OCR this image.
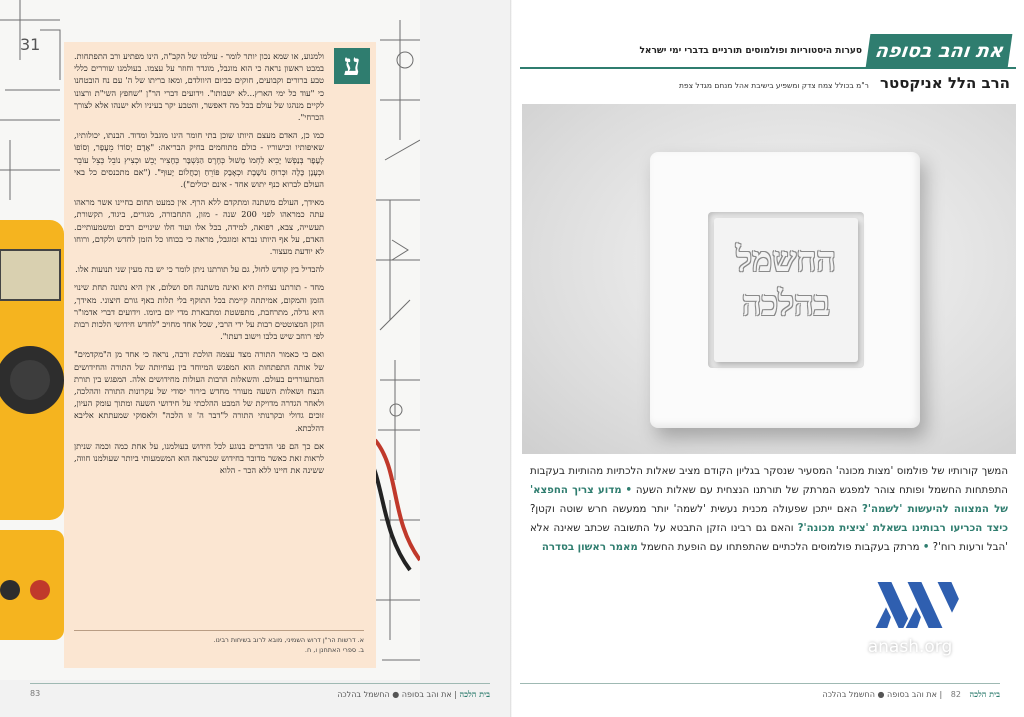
31
ע

ולמנוע, או שמא נכון יותר לומר - עולמו של הקב"ה, הינו מפתיע ורב התפתחות. במבט ראשון נראה כי הוא מוגבל, מוגדר וחוזר על עצמו. בעולמנו שוררים כללי טבע ברורים וקבועים, חוקים כביום היוולדם, ומאז בריתו של ה' עם נח הובטחנו כי "עוד כל ימי הארץ...לא ישבותו". וידועים דברי הר"ן "שחפץ השי"ת ורצונו לקיים מנהגו של עולם בכל מה דאפשר, והטבע יקר בעיניו ולא ישנהו אלא לצורך הכרחי".

כמו כן, האדם מעצם היותו שוכן בתי חומר הינו מוגבל ומדוד. הבנתו, יכולותיו, שאיפותיו וכישוריו - כולם מתוחמים בחיק הבריאה: "אָדָם יְסוֹדוֹ מֵעָפָר, וְסוֹפוֹ לֶעָפָר בְּנַפְשׁוֹ יָבִיא לַחְמוֹ מָשׁוּל כְּחֶרֶס הַנִּשְׁבָּר כְּחָצִיר יָבֵשׁ וּכְצִיץ נוֹבֵל כְּצֵל עוֹבֵר וּכְעָנָן כָּלָה וּכְרוּחַ נוֹשָׁבֶת וּכְאָבָק פּוֹרֵחַ וְכַחֲלוֹם יָעוּף". ("אם מתכנסים כל באי העולם לברוא כנף יתוש אחד - אינם יכולים").

מאידך, העולם משתנה ומתקדם ללא הרף. אין כמעט תחום בחיינו אשר מראהו עתה כמראהו לפני 200 שנה - מזון, התחבורה, מגורים, ביגוד, תקשורת, תעשייה, צבא, רפואה, למידה, בכל אלו ועוד חלו שינויים רבים ומשמעותיים. האדם, על אף היותו נברא ומוגבל, מראה כי בכוחו כל הזמן לחדש ולקדם, ורוחו לא יודעת מעצור.

להבדיל בין קודש לחול, גם על תורתנו ניתן לומר כי יש בה מעין שני תנועות אלו.

מחד - תורתנו נצחית היא ואינה משתנה חס ושלום, אין היא נתונה תחת שינוי הזמן והמקום, אמיתתה קיימת בכל התוקף בלי תלות באף גורם חיצוני. מאידך, היא גדלה, מתרחבת, מתפשטת ומתבארת מדי יום ביומו. וידועים דברי אדמו"ר הזקן המצוטטים רבות על ידי הרבי, שכל אחד מחויב "לחדש חידושי הלכות רבות לפי רוחב שיש בלבו וישוב דעתו".

ואם כי כאמור התורה מצד עצמה הולכת ורבה, נראה כי אחד מן ה"מקדמים" של אותה התפתחות הוא המפגש המיוחד בין נצחיותה של התורה והחידושים המתעוררים בעולם. והשאלות הרבות העולות מחידושים אלה. המפגש בין תורת הנצח ושאלות השעה מעורר מחדש בירור יסודי של עקרונות התורה וההלכה, ולאחר הגדרה מדויקת של המבט ההלכתי על חידושי השעה ומתוך עומק העיון, זוכים גדולי ובקרנותי התורה ל"דבר ה' זו הלכה" ולאסוקי שמעתתא אליבא דהלכתא.

אם כך הם פני הדברים בנוגע לכל חידוש בעולמנו, על אחת כמה וכמה שניתן לראות זאת כאשר מדובר בחידוש שכנראה הוא המשמעותי ביותר שעולמנו חווה, ששינה את חיינו ללא הכר - הלוא

א. דרשות הר"ן דרוש השמיני, מובא לרוב בשיחות רבינו.
ב. ספרי האתחנן ו, ח.
בית הלכה | את והב בסופה ● החשמל בהלכה
83
את והב בסופה
סערות היסטוריות ופולמוסים תורניים בדברי ימי ישראל
הרב הלל אניקסטר ר"מ בכולל צמח צדק ומשפיע בישיבת אהל מנחם מגדל צפת
החשמל
בהלכה
המשך קורותיו של פולמוס 'מצות מכונה' המסעיר שנסקר בגליון הקודם מציב שאלות הלכתיות מהותיות בעקבות התפתחות החשמל ופותח צוהר למפגש המרתק של תורתנו הנצחית עם שאלות השעה • מדוע צריך החפצא' של המצווה להיעשות 'לשמה'? האם ייתכן שפעולה מכנית נעשית 'לשמה' יותר ממעשה חרש שוטה וקטן? כיצד הכריעו רבותינו בשאלת 'ציצית מכונה'? והאם גם רבינו הזקן התבטא על התשובה שכתב שאינה אלא 'הבל ורעות רוח'? • מרתק בעקבות פולמוסים הלכתיים שהתפתחו עם הופעת החשמל מאמר ראשון בסדרה
anash.org
בית הלכה 82 | את והב בסופה ● החשמל בהלכה
